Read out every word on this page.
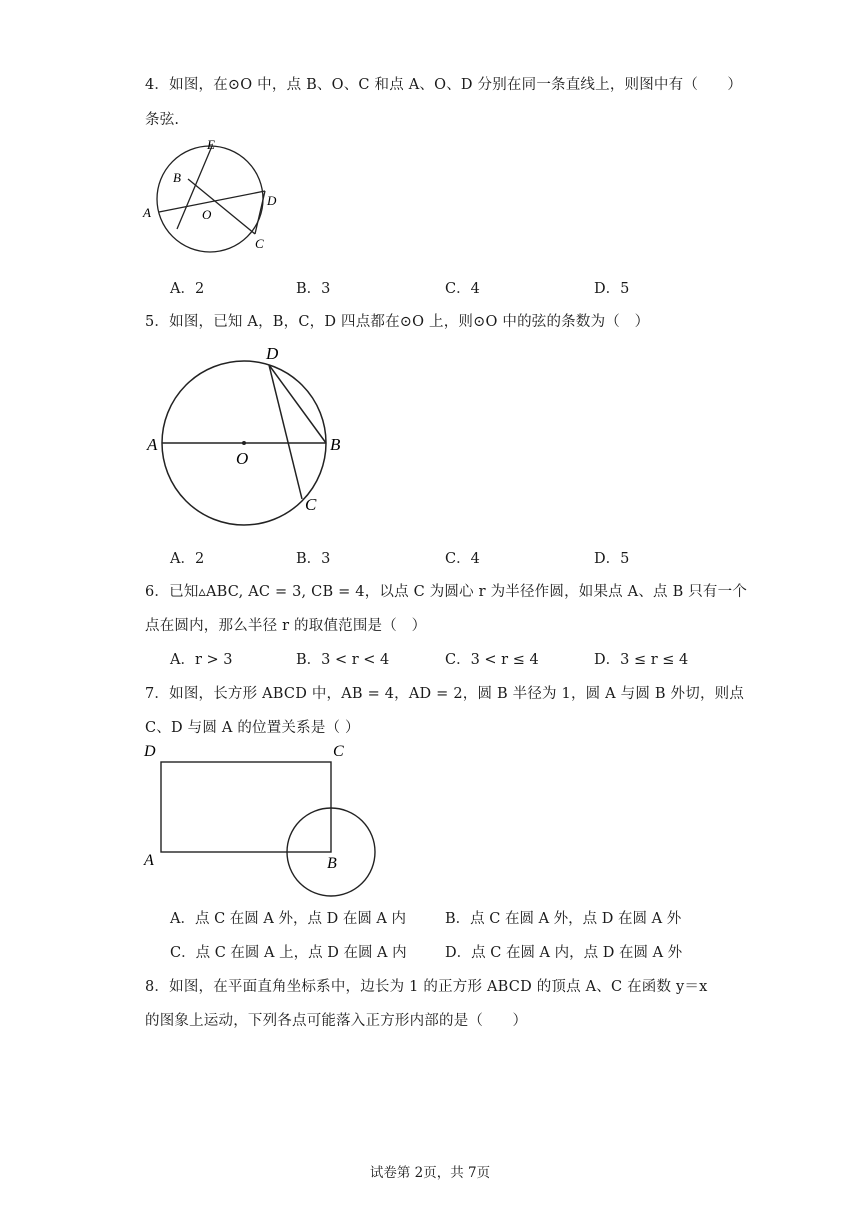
4．如图，在⊙O 中，点 B、O、C 和点 A、O、D 分别在同一条直线上，则图中有（　　）
条弦.
E
B
A	O
D
C
A．2	B．3	C．4	D．5
5．如图，已知 A，B，C，D 四点都在⊙O 上，则⊙O 中的弦的条数为（　）
D
A
O
B
C
A．2	B．3	C．4	D．5
6．已知▵ABC, AC = 3, CB = 4，以点 C 为圆心 r 为半径作圆，如果点 A、点 B 只有一个
点在圆内，那么半径 r 的取值范围是（　）
A．r > 3	B．3 < r < 4	C．3 < r ≤ 4	D．3 ≤ r ≤ 4
7．如图，长方形 ABCD 中，AB = 4，AD = 2，圆 B 半径为 1，圆 A 与圆 B 外切，则点
C、D 与圆 A 的位置关系是（ ）
D	C
A	B
A．点 C 在圆 A 外，点 D 在圆 A 内	B．点 C 在圆 A 外，点 D 在圆 A 外
C．点 C 在圆 A 上，点 D 在圆 A 内	D．点 C 在圆 A 内，点 D 在圆 A 外
8．如图，在平面直角坐标系中，边长为 1 的正方形 ABCD 的顶点 A、C 在函数 y＝x
的图象上运动，下列各点可能落入正方形内部的是（　　）
试卷第 2页，共 7页
